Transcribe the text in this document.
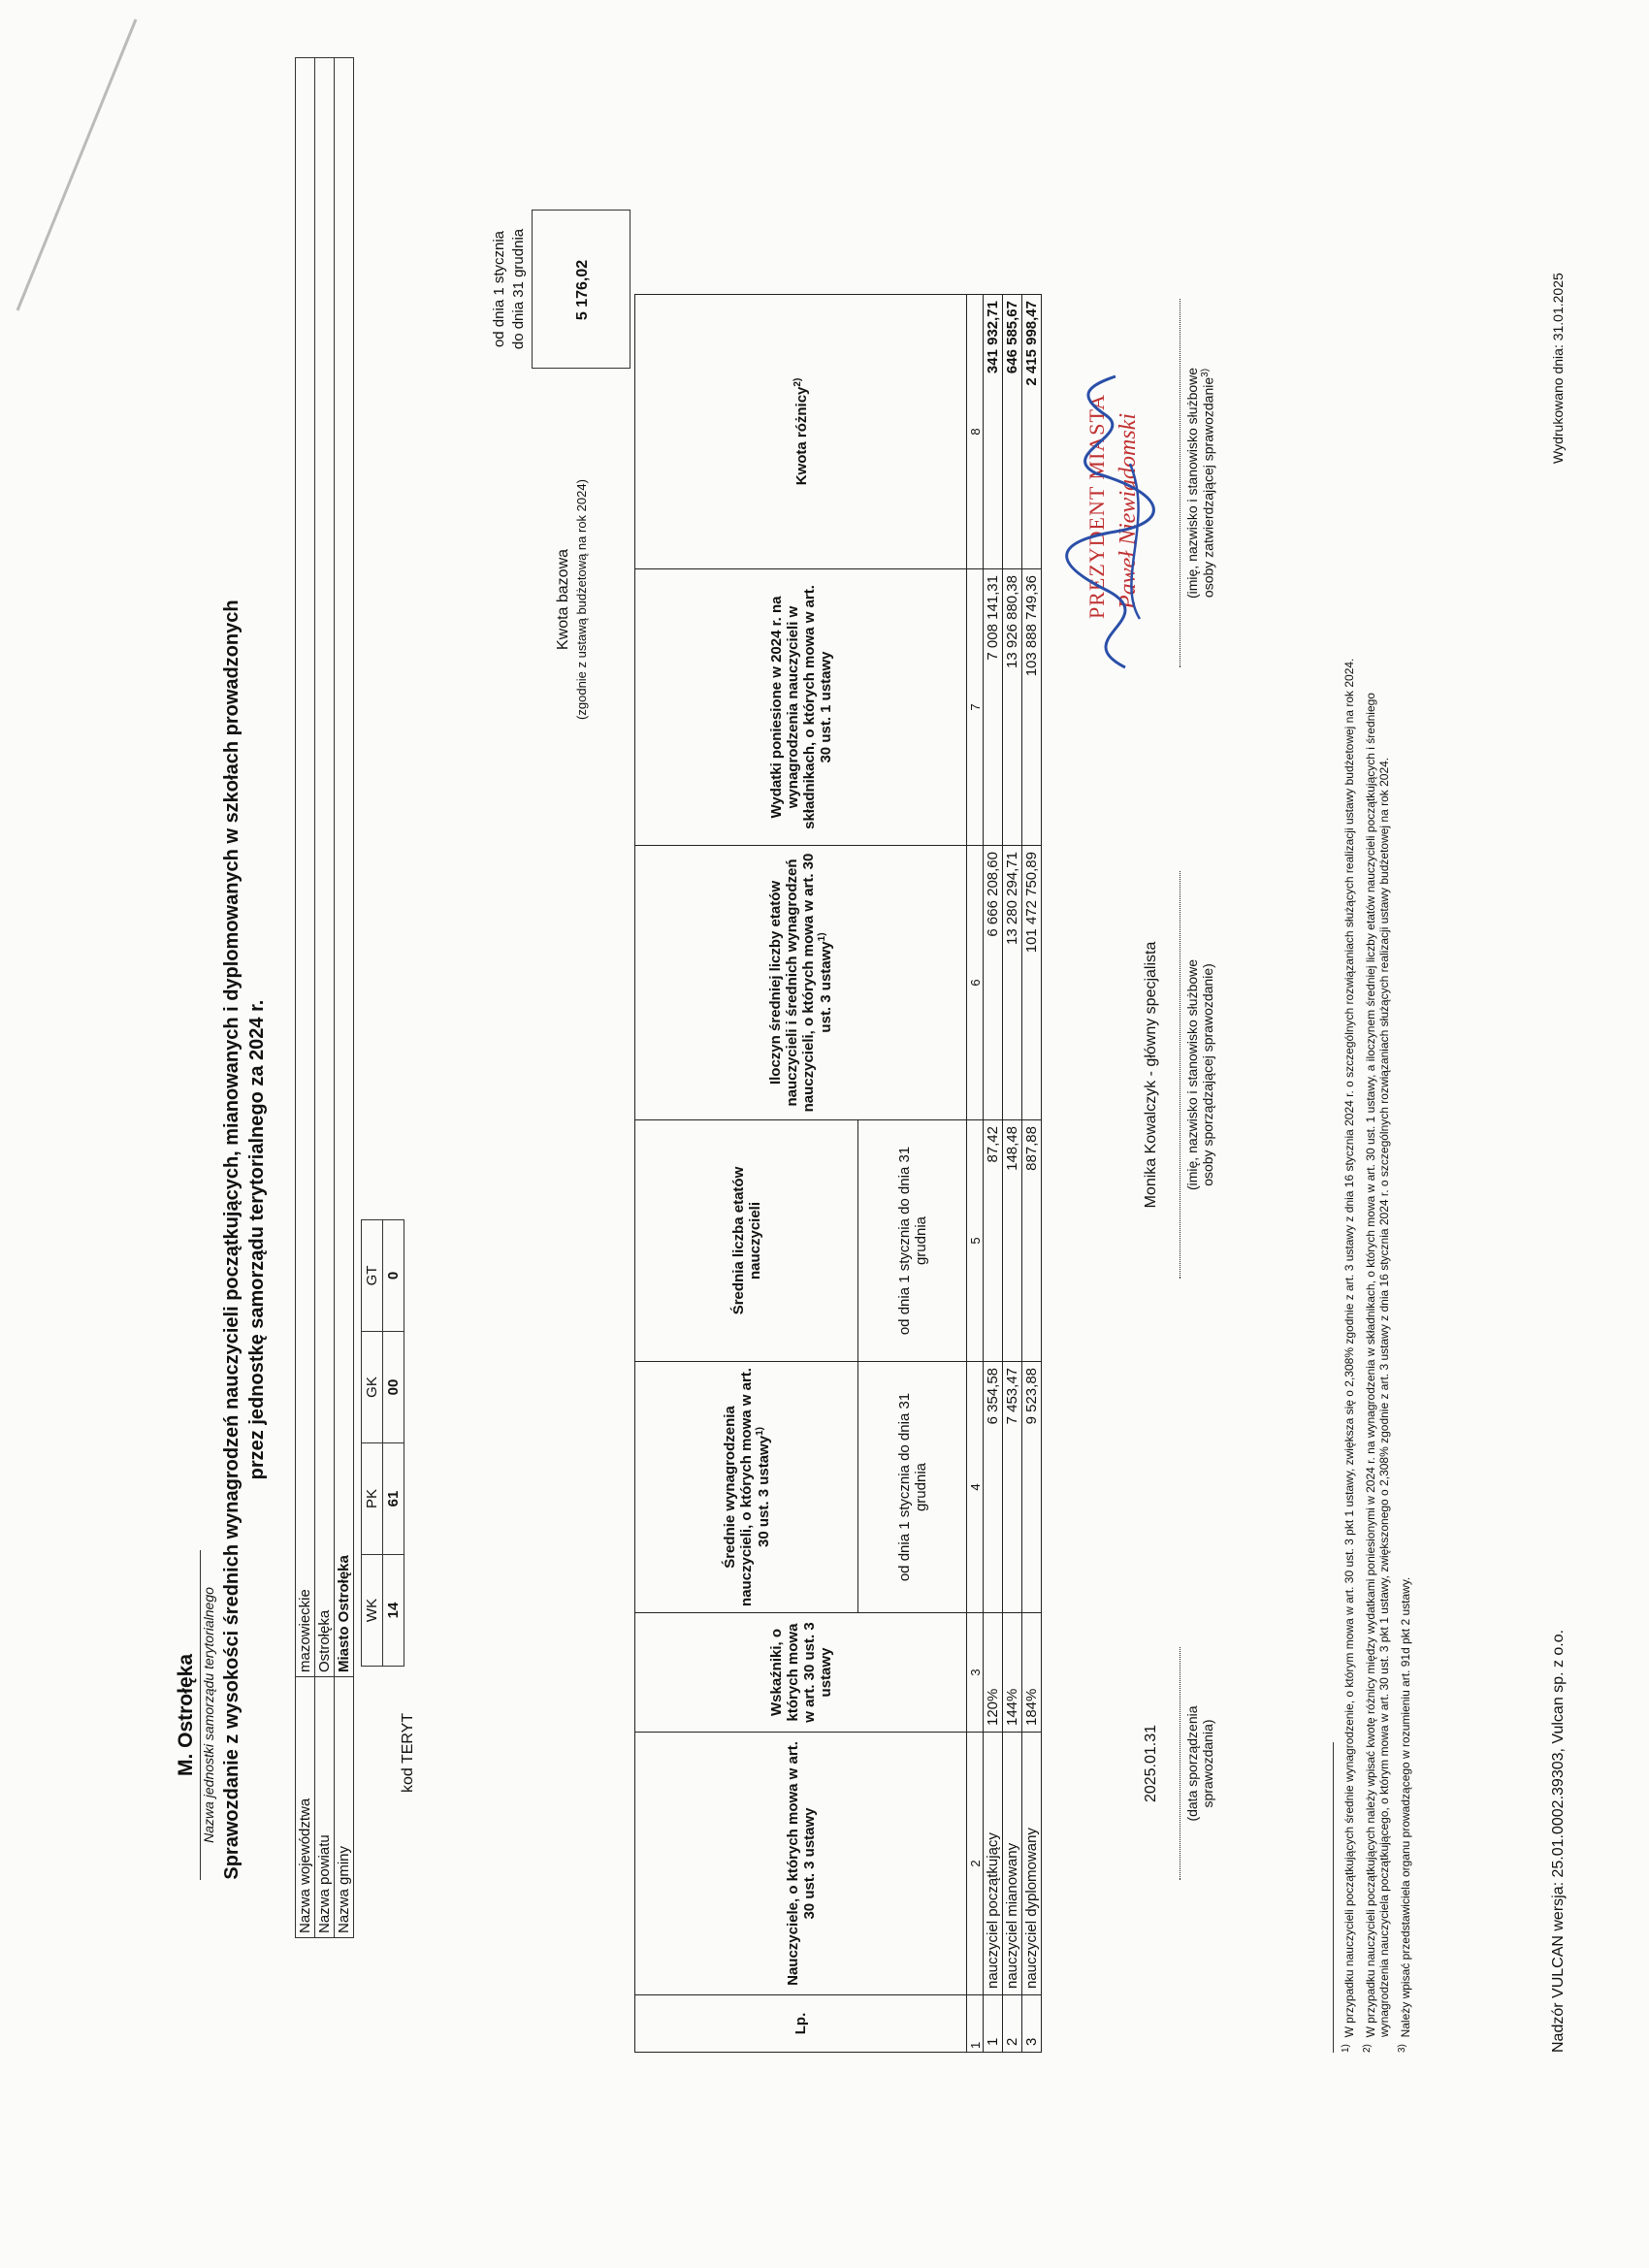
M. Ostrołęka Nazwa jednostki samorządu terytorialnego Sprawozdanie z wysokości średnich wynagrodzeń nauczycieli początkujących, mianowanych i dyplomowanych w szkołach prowadzonych przez jednostkę samorządu terytorialnego za 2024 r.
Nazwa województwa	mazowieckie
Nazwa powiatu	Ostrołęka
Nazwa gminy	Miasto Ostrołęka
kod TERYT
WK	PK	GK	GT
14	61	00	0
Kwota bazowa (zgodnie z ustawą budżetową na rok 2024)
od dnia 1 stycznia do dnia 31 grudnia	5 176,02
Lp.	Nauczyciele, o których mowa w art. 30 ust. 3 ustawy	Wskaźniki, o których mowa w art. 30 ust. 3 ustawy	Średnie wynagrodzenia nauczycieli, o których mowa w art. 30 ust. 3 ustawy$^{1)}$	Średnia liczba etatów nauczycieli	Iloczyn średniej liczby etatów nauczycieli i średnich wynagrodzeń nauczycieli, o których mowa w art. 30 ust. 3 ustawy$^{1)}$	Wydatki poniesione w 2024 r. na wynagrodzenia nauczycieli w składnikach, o których mowa w art. 30 ust. 1 ustawy	Kwota różnicy$^{2)}$
			od dnia 1 stycznia do dnia 31 grudnia	od dnia 1 stycznia do dnia 31 grudnia			
1	2	3	4	5	6	7	8
1	nauczyciel początkujący	120%	6 354,58	87,42	6 666 208,60	7 008 141,31	341 932,71
2	nauczyciel mianowany	144%	7 453,47	148,48	13 280 294,71	13 926 880,38	646 585,67
3	nauczyciel dyplomowany	184%	9 523,88	887,88	101 472 750,89	103 888 749,36	2 415 998,47
2025.01.31 (data sporządzenia sprawozdania)
Monika Kowalczyk - główny specjalista (imię, nazwisko i stanowisko służbowe osoby sporządzającej sprawozdanie)
PREZYDENT MIASTA Paweł Niewiadomski	(imię, nazwisko i stanowisko służbowe osoby zatwierdzającej sprawozdanie$^{3)}$
$^{1)}$  W przypadku nauczycieli początkujących średnie wynagrodzenie, o którym mowa w art. 30 ust. 3 pkt 1 ustawy, zwiększa się o 2,308% zgodnie z art. 3 ustawy z dnia 16 stycznia 2024 r. o szczególnych rozwiązaniach służących realizacji ustawy budżetowej na rok 2024.
$^{2)}$  W przypadku nauczycieli początkujących należy wpisać kwotę różnicy między wydatkami poniesionymi w 2024 r. na wynagrodzenia w składnikach, o których mowa w art. 30 ust. 1 ustawy, a iloczynem średniej liczby etatów nauczycieli początkujących i średniego wynagrodzenia nauczyciela początkującego, o którym mowa w art. 30 ust. 3 pkt 1 ustawy, zwiększonego o 2,308% zgodnie z art. 3 ustawy z dnia 16 stycznia 2024 r. o szczególnych rozwiązaniach służących realizacji ustawy budżetowej na rok 2024.
$^{3)}$  Należy wpisać przedstawiciela organu prowadzącego w rozumieniu art. 91d pkt 2 ustawy.	Nadzór VULCAN wersja: 25.01.0002.39303, Vulcan sp. z o.o.
Wydrukowano dnia: 31.01.2025
